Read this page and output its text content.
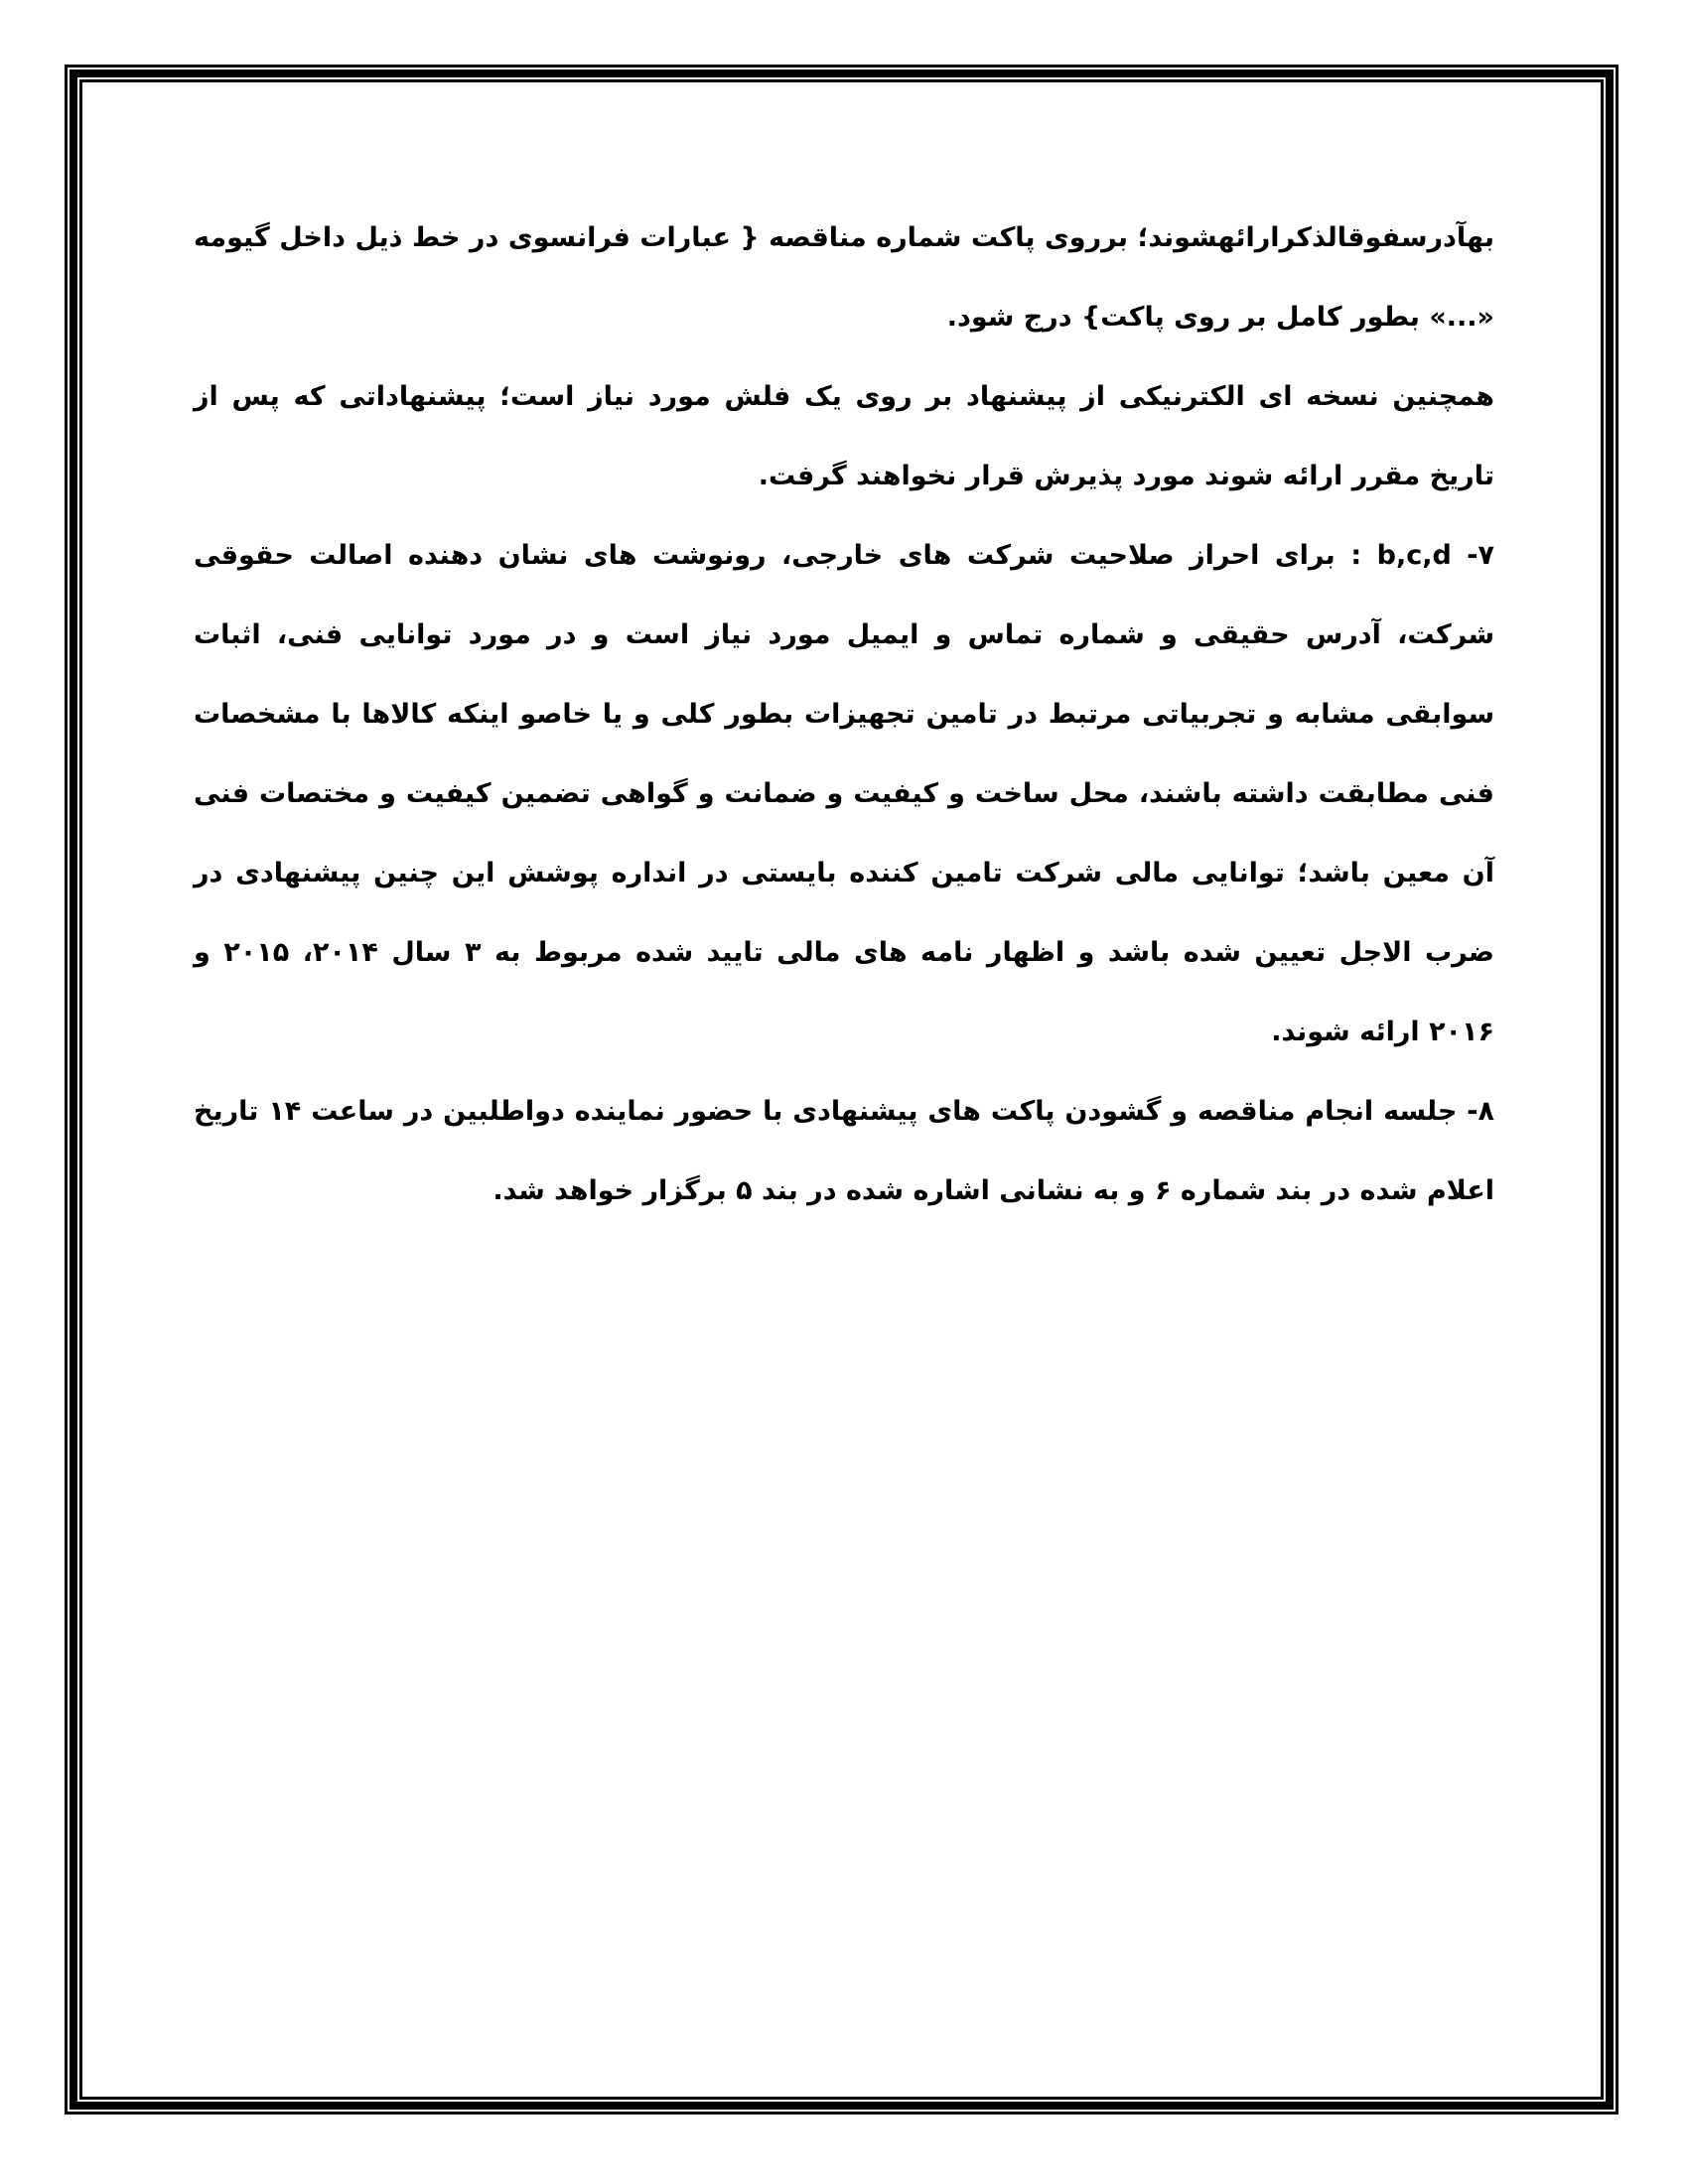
بهآدرسفوقالذکرارائهشوند؛ برروی پاکت شماره مناقصه { عبارات فرانسوی در خط ذیل داخل گیومه «...» بطور کامل بر روی پاکت} درج شود.

همچنین نسخه ای الکترنیکی از پیشنهاد بر روی یک فلش مورد نیاز است؛ پیشنهاداتی که پس از تاریخ مقرر ارائه شوند مورد پذیرش قرار نخواهند گرفت.

۷- b,c,d : برای احراز صلاحیت شرکت های خارجی، رونوشت های نشان دهنده اصالت حقوقی شرکت، آدرس حقیقی و شماره تماس و ایمیل مورد نیاز است و در مورد توانایی فنی، اثبات سوابقی مشابه و تجربیاتی مرتبط در تامین تجهیزات بطور کلی و یا خاصو اینکه کالاها با مشخصات فنی مطابقت داشته باشند، محل ساخت و کیفیت و ضمانت و گواهی تضمین کیفیت و مختصات فنی آن معین باشد؛ توانایی مالی شرکت تامین کننده بایستی در انداره پوشش این چنین پیشنهادی در ضرب الاجل تعیین شده باشد و اظهار نامه های مالی تایید شده مربوط به ۳ سال ۲۰۱۴، ۲۰۱۵ و ۲۰۱۶ ارائه شوند.

۸- جلسه انجام مناقصه و گشودن پاکت های پیشنهادی با حضور نماینده دواطلبین در ساعت ۱۴ تاریخ اعلام شده در بند شماره ۶ و به نشانی اشاره شده در بند ۵ برگزار خواهد شد.
